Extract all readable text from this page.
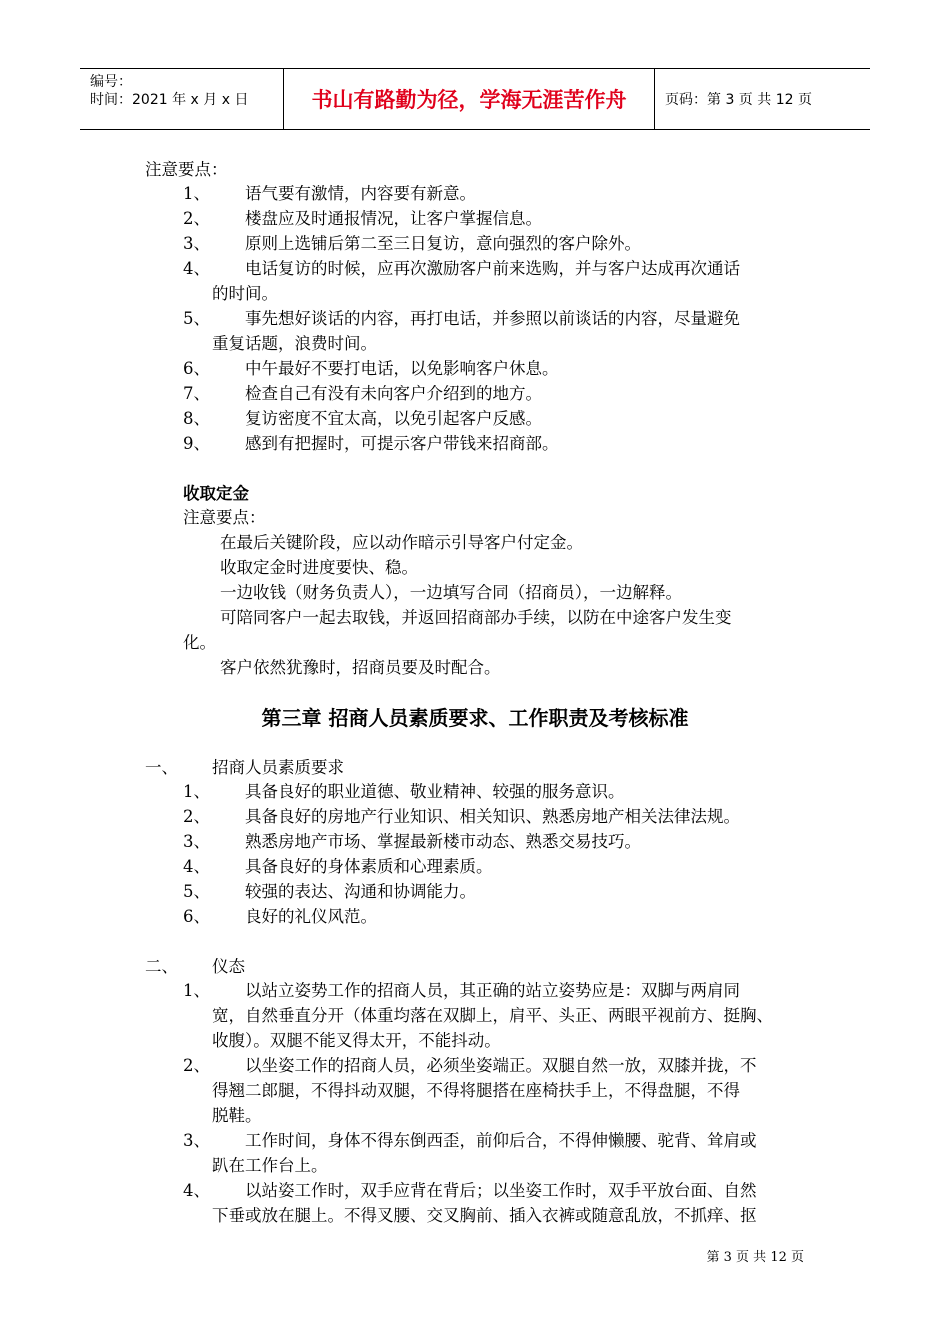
编号：
时间：2021 年 x 月 x 日	书山有路勤为径，学海无涯苦作舟	页码：第 3 页 共 12 页
注意要点：
1、 语气要有激情，内容要有新意。
2、 楼盘应及时通报情况，让客户掌握信息。
3、 原则上选铺后第二至三日复访，意向强烈的客户除外。
4、 电话复访的时候，应再次激励客户前来选购，并与客户达成再次通话
的时间。
5、 事先想好谈话的内容，再打电话，并参照以前谈话的内容，尽量避免
重复话题，浪费时间。
6、 中午最好不要打电话，以免影响客户休息。
7、 检查自己有没有未向客户介绍到的地方。
8、 复访密度不宜太高，以免引起客户反感。
9、 感到有把握时，可提示客户带钱来招商部。
收取定金
注意要点：
在最后关键阶段，应以动作暗示引导客户付定金。
收取定金时进度要快、稳。
一边收钱（财务负责人），一边填写合同（招商员），一边解释。
可陪同客户一起去取钱，并返回招商部办手续，以防在中途客户发生变
化。
客户依然犹豫时，招商员要及时配合。
一、 招商人员素质要求
1、 具备良好的职业道德、敬业精神、较强的服务意识。
2、 具备良好的房地产行业知识、相关知识、熟悉房地产相关法律法规。
3、 熟悉房地产市场、掌握最新楼市动态、熟悉交易技巧。
4、 具备良好的身体素质和心理素质。
5、 较强的表达、沟通和协调能力。
6、 良好的礼仪风范。
二、 仪态
1、 以站立姿势工作的招商人员，其正确的站立姿势应是：双脚与两肩同
宽，自然垂直分开（体重均落在双脚上，肩平、头正、两眼平视前方、挺胸、
收腹）。双腿不能叉得太开，不能抖动。
2、 以坐姿工作的招商人员，必须坐姿端正。双腿自然一放，双膝并拢，不
得翘二郎腿，不得抖动双腿，不得将腿搭在座椅扶手上，不得盘腿，不得
脱鞋。
3、 工作时间，身体不得东倒西歪，前仰后合，不得伸懒腰、驼背、耸肩或
趴在工作台上。
4、 以站姿工作时，双手应背在背后；以坐姿工作时，双手平放台面、自然
下垂或放在腿上。不得叉腰、交叉胸前、插入衣裤或随意乱放，不抓痒、抠
第三章 招商人员素质要求、工作职责及考核标准
第 3 页 共 12 页
